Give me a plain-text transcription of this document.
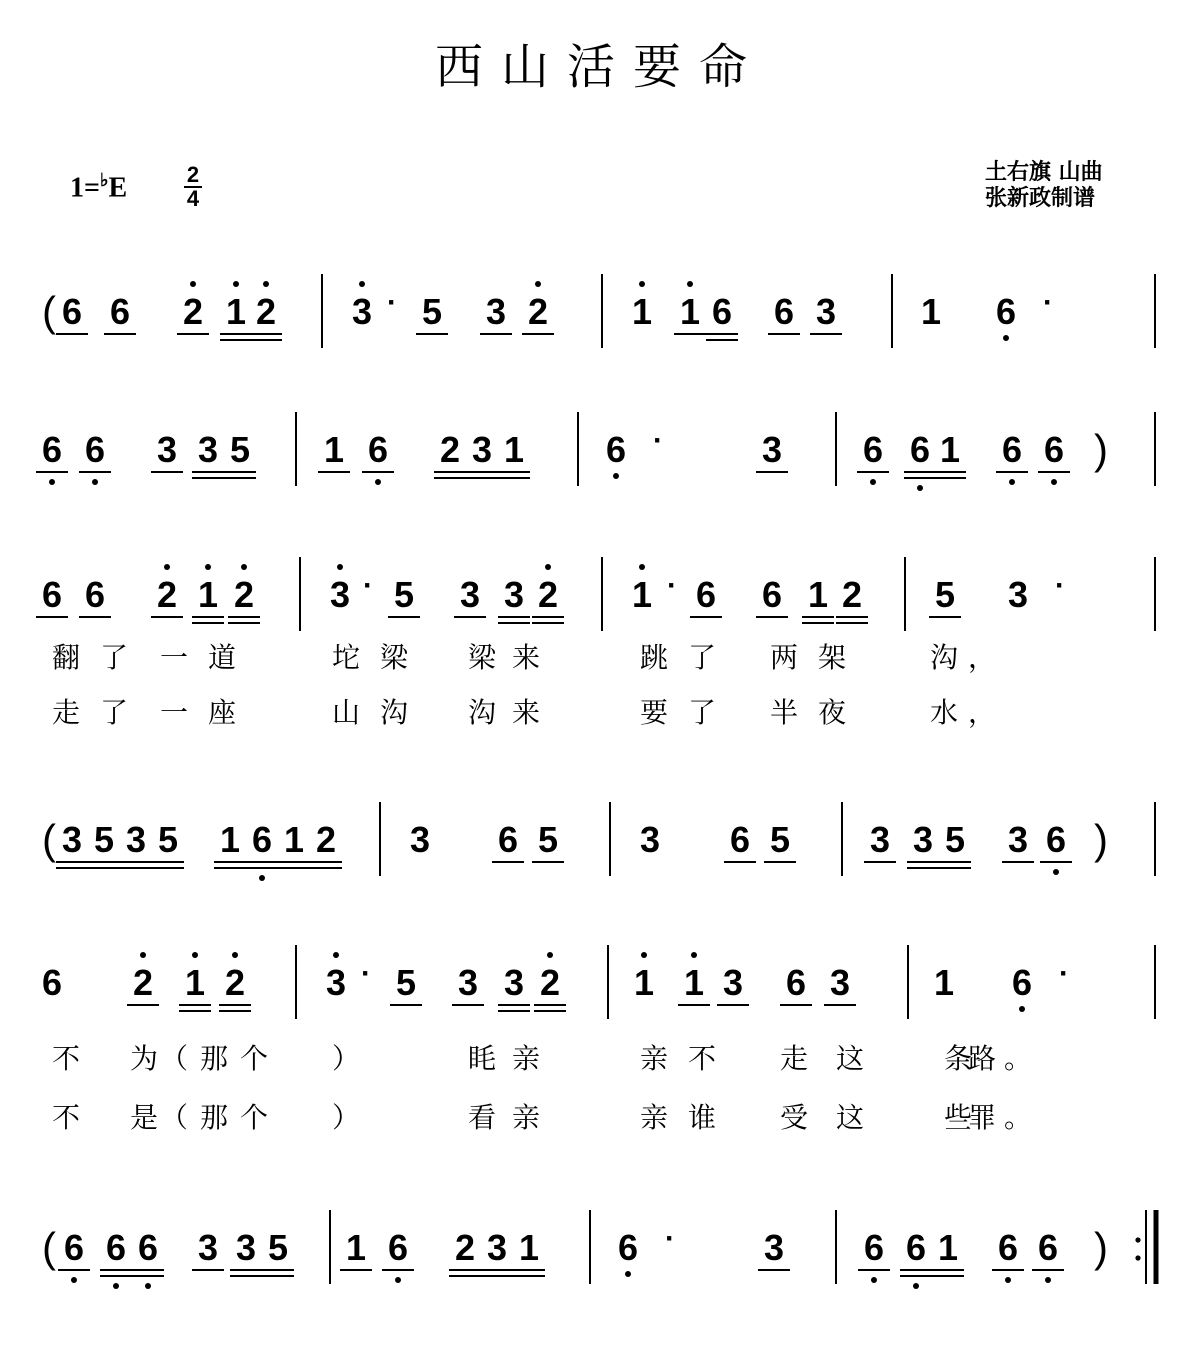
西山活要命
1=♭E	2
4
土右旗 山曲
张新政制谱
( 6 6 2 1 2 3 · 5 3 2 1 1 6 6 3 1 6 ·
)
6 6 3 3 5 1 6 2 3 1 6 ·	3 6 6 1 6 6
6 6 2 1 2 3 · 5 3 3 2 1 · 6 6 1 2 5 3 ·
翻 了 一 道	坨 梁 梁 来	跳 了 两 架	沟 ，
走 了 一 座	山 沟 沟 来	要 了 半 夜	水 ，
(	)
3 5 3 5 1 6 1 2 3 6 5 3 6 5 3 3 5 3 6
6 2 1 2 3 · 5 3 3 2 1 1 3 6 3 1 6 ·
不 为 （ 那 个 ）	眊 亲	亲 不 走 这	条
路 。
不 是 （ 那 个 ）	看 亲	亲 谁 受 这	些
罪 。
(	)
6 6 6 3 3 5 1 6 2 3 1 6 · 3 6 6 1 6 6
